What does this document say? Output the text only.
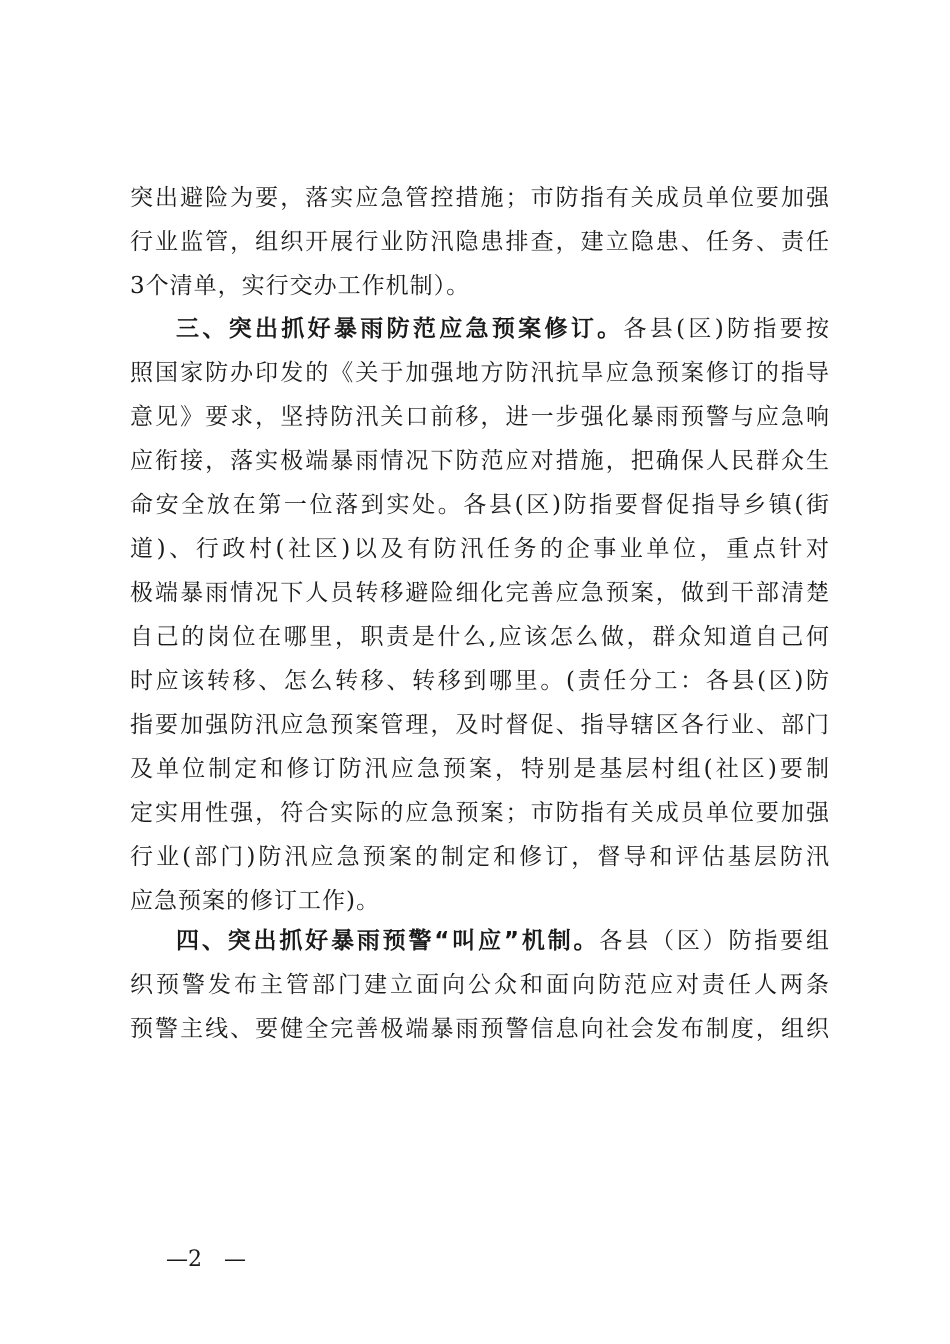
突出避险为要，落实应急管控措施；市防指有关成员单位要加强
行业监管，组织开展行业防汛隐患排查，建立隐患、任务、责任
3个清单，实行交办工作机制）。
三、突出抓好暴雨防范应急预案修订。各县(区)防指要按
照国家防办印发的《关于加强地方防汛抗旱应急预案修订的指导
意见》要求，坚持防汛关口前移，进一步强化暴雨预警与应急响
应衔接，落实极端暴雨情况下防范应对措施，把确保人民群众生
命安全放在第一位落到实处。各县(区)防指要督促指导乡镇(街
道)、行政村(社区)以及有防汛任务的企事业单位，重点针对
极端暴雨情况下人员转移避险细化完善应急预案，做到干部清楚
自己的岗位在哪里，职责是什么,应该怎么做，群众知道自己何
时应该转移、怎么转移、转移到哪里。(责任分工：各县(区)防
指要加强防汛应急预案管理，及时督促、指导辖区各行业、部门
及单位制定和修订防汛应急预案，特别是基层村组(社区)要制
定实用性强，符合实际的应急预案；市防指有关成员单位要加强
行业(部门)防汛应急预案的制定和修订，督导和评估基层防汛
应急预案的修订工作)。
四、突出抓好暴雨预警“叫应”机制。各县（区）防指要组
织预警发布主管部门建立面向公众和面向防范应对责任人两条
预警主线、要健全完善极端暴雨预警信息向社会发布制度，组织
—2　—
